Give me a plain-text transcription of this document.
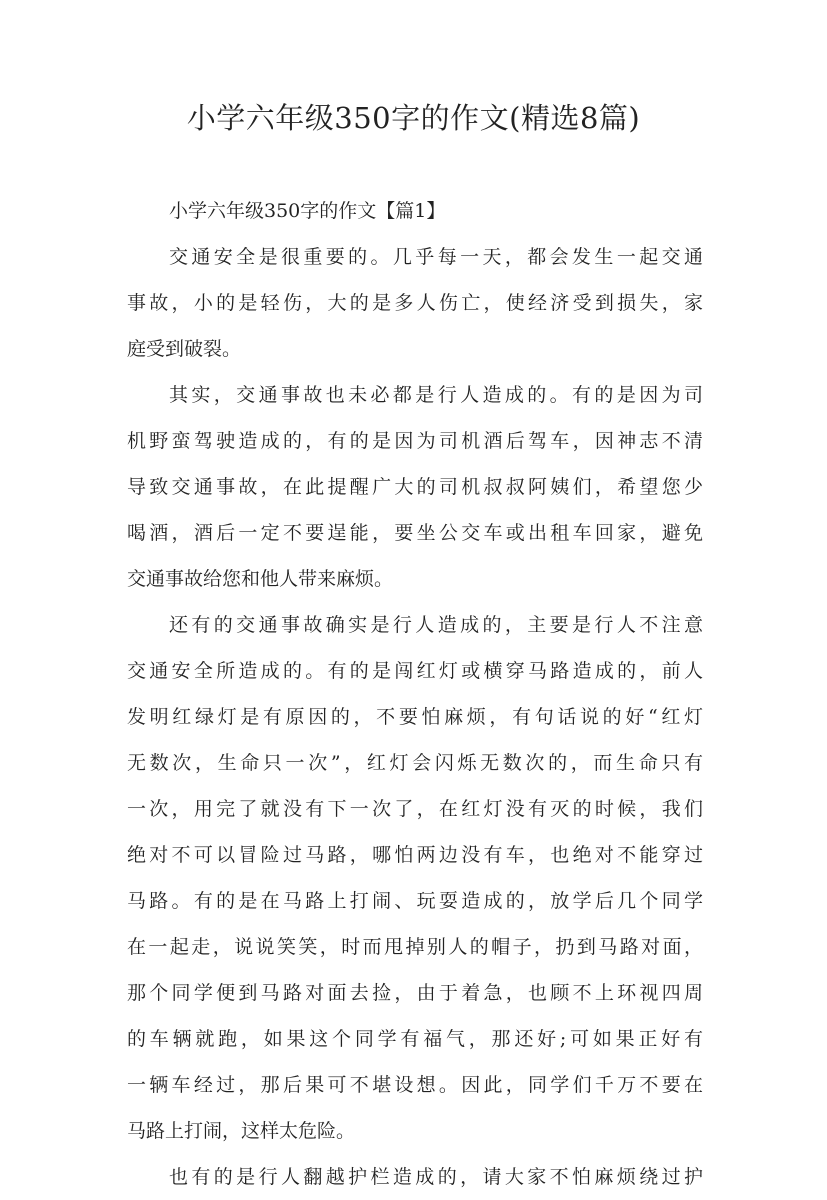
小学六年级350字的作文(精选8篇)

小学六年级350字的作文【篇1】

交通安全是很重要的。几乎每一天，都会发生一起交通

事故，小的是轻伤，大的是多人伤亡，使经济受到损失，家

庭受到破裂。

其实，交通事故也未必都是行人造成的。有的是因为司

机野蛮驾驶造成的，有的是因为司机酒后驾车，因神志不清

导致交通事故，在此提醒广大的司机叔叔阿姨们，希望您少

喝酒，酒后一定不要逞能，要坐公交车或出租车回家，避免

交通事故给您和他人带来麻烦。

还有的交通事故确实是行人造成的，主要是行人不注意

交通安全所造成的。有的是闯红灯或横穿马路造成的，前人

发明红绿灯是有原因的，不要怕麻烦，有句话说的好“红灯

无数次，生命只一次”，红灯会闪烁无数次的，而生命只有

一次，用完了就没有下一次了，在红灯没有灭的时候，我们

绝对不可以冒险过马路，哪怕两边没有车，也绝对不能穿过

马路。有的是在马路上打闹、玩耍造成的，放学后几个同学

在一起走，说说笑笑，时而甩掉别人的帽子，扔到马路对面，

那个同学便到马路对面去捡，由于着急，也顾不上环视四周

的车辆就跑，如果这个同学有福气，那还好;可如果正好有

一辆车经过，那后果可不堪设想。因此，同学们千万不要在

马路上打闹，这样太危险。

也有的是行人翻越护栏造成的，请大家不怕麻烦绕过护
